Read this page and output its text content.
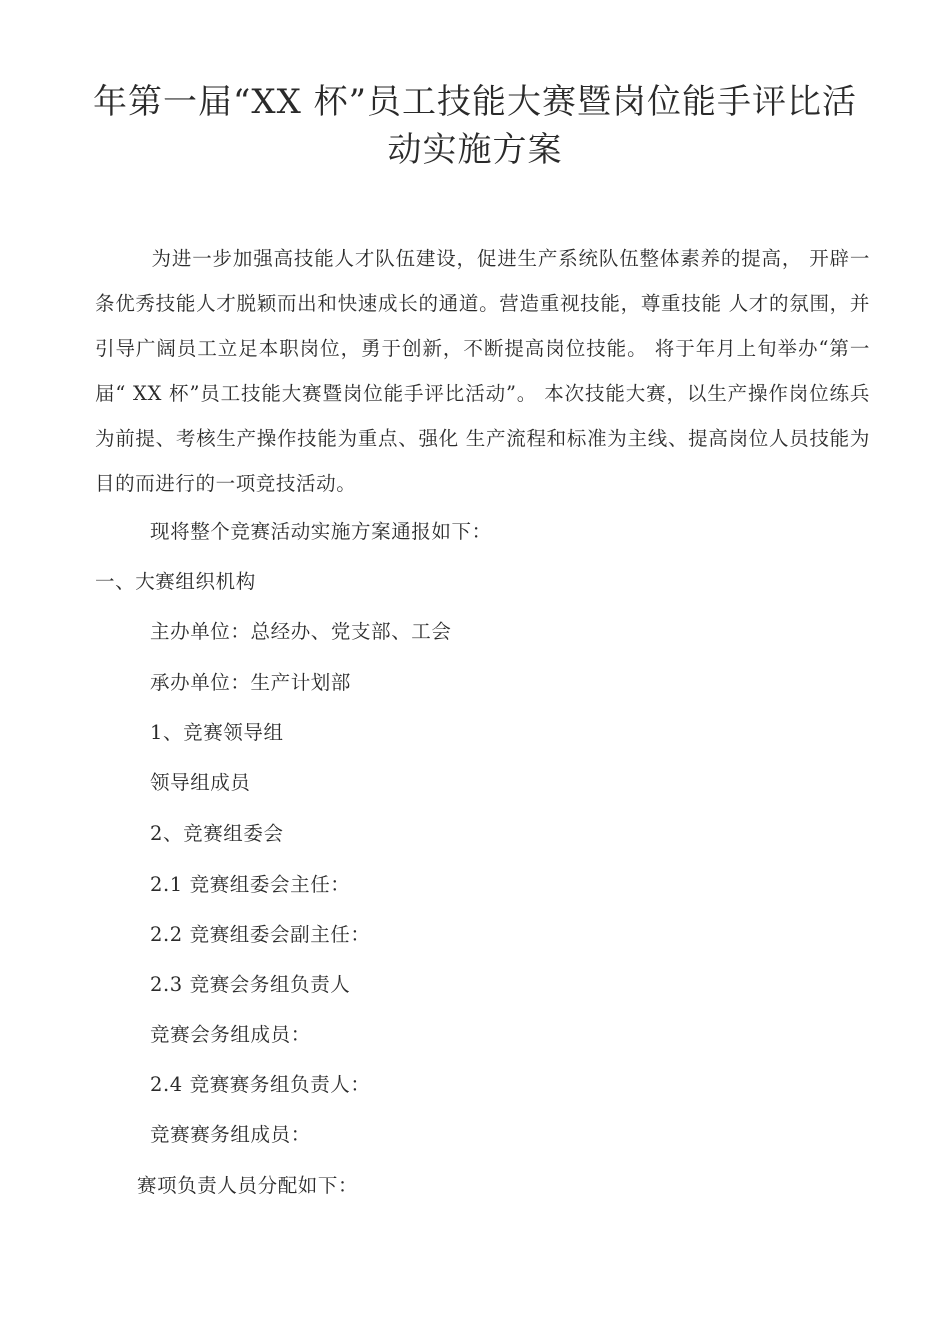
年第一届“XX 杯”员工技能大赛暨岗位能手评比活
动实施方案
为进一步加强高技能人才队伍建设，促进生产系统队伍整体素养的提高， 开辟一条优秀技能人才脱颖而出和快速成长的通道。营造重视技能，尊重技能 人才的氛围，并引导广阔员工立足本职岗位，勇于创新，不断提高岗位技能。 将于年月上旬举办“第一届“ XX 杯”员工技能大赛暨岗位能手评比活动”。 本次技能大赛，以生产操作岗位练兵为前提、考核生产操作技能为重点、强化 生产流程和标准为主线、提高岗位人员技能为目的而进行的一项竞技活动。
现将整个竞赛活动实施方案通报如下：
一、大赛组织机构
主办单位：总经办、党支部、工会
承办单位：生产计划部
1、竞赛领导组
领导组成员
2、竞赛组委会
2.1 竞赛组委会主任：
2.2 竞赛组委会副主任：
2.3 竞赛会务组负责人
竞赛会务组成员：
2.4 竞赛赛务组负责人：
竞赛赛务组成员：
赛项负责人员分配如下：
